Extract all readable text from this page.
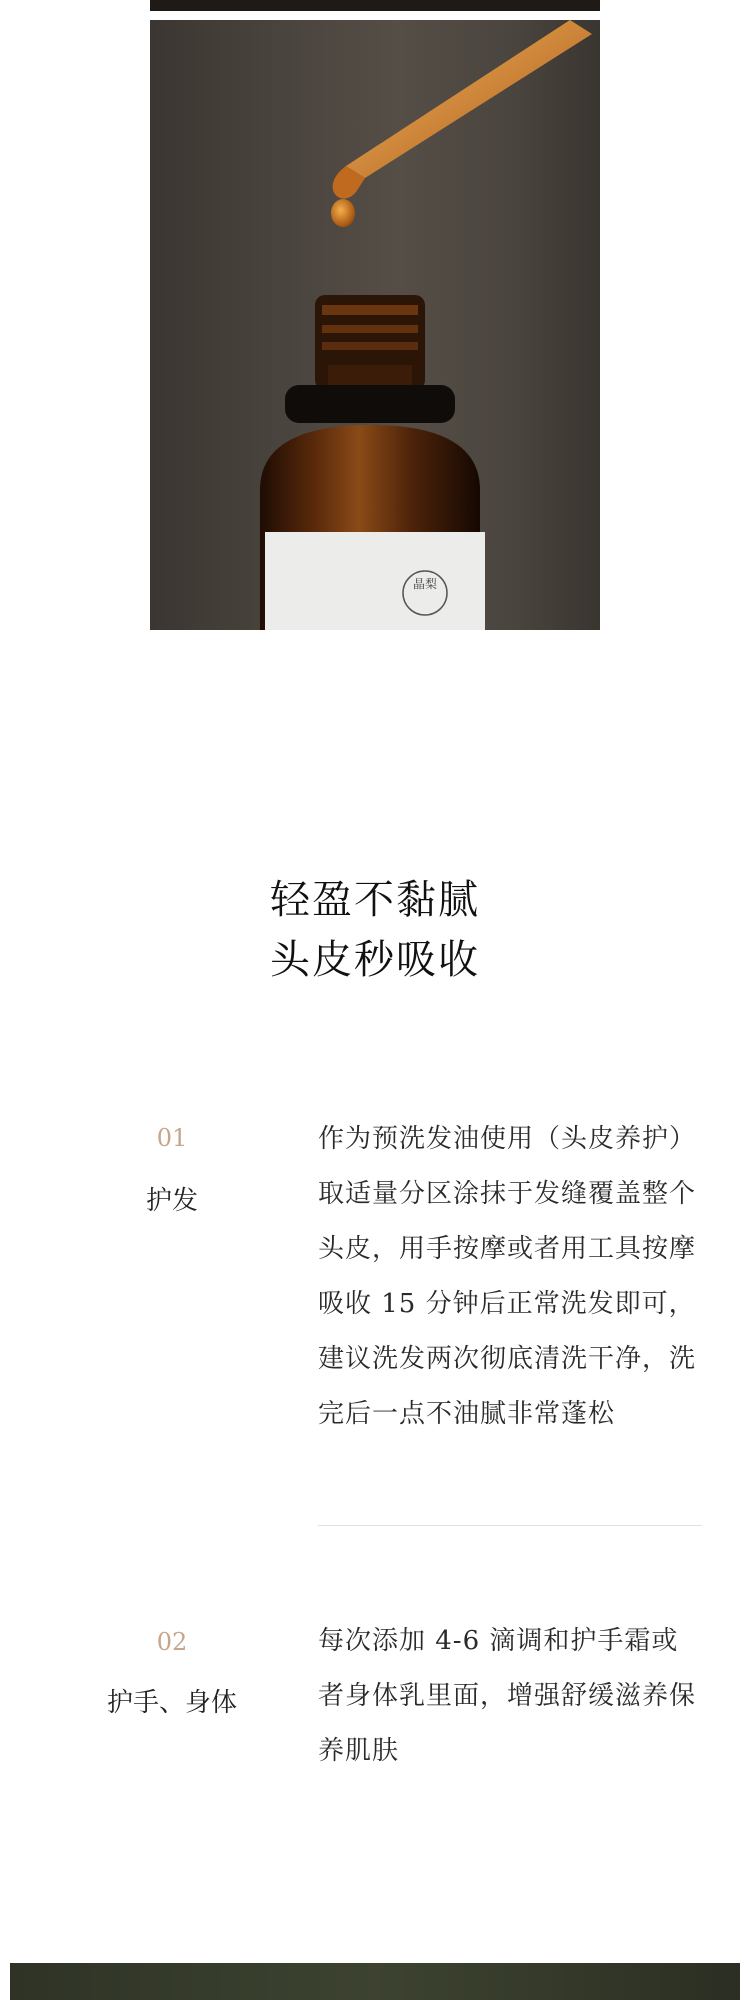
晶梨
轻盈不黏腻
头皮秒吸收
01
护发
作为预洗发油使用（头皮养护）取适量分区涂抹于发缝覆盖整个头皮，用手按摩或者用工具按摩吸收 15 分钟后正常洗发即可，建议洗发两次彻底清洗干净，洗完后一点不油腻非常蓬松
02
护手、身体
每次添加 4-6 滴调和护手霜或者身体乳里面，增强舒缓滋养保养肌肤
